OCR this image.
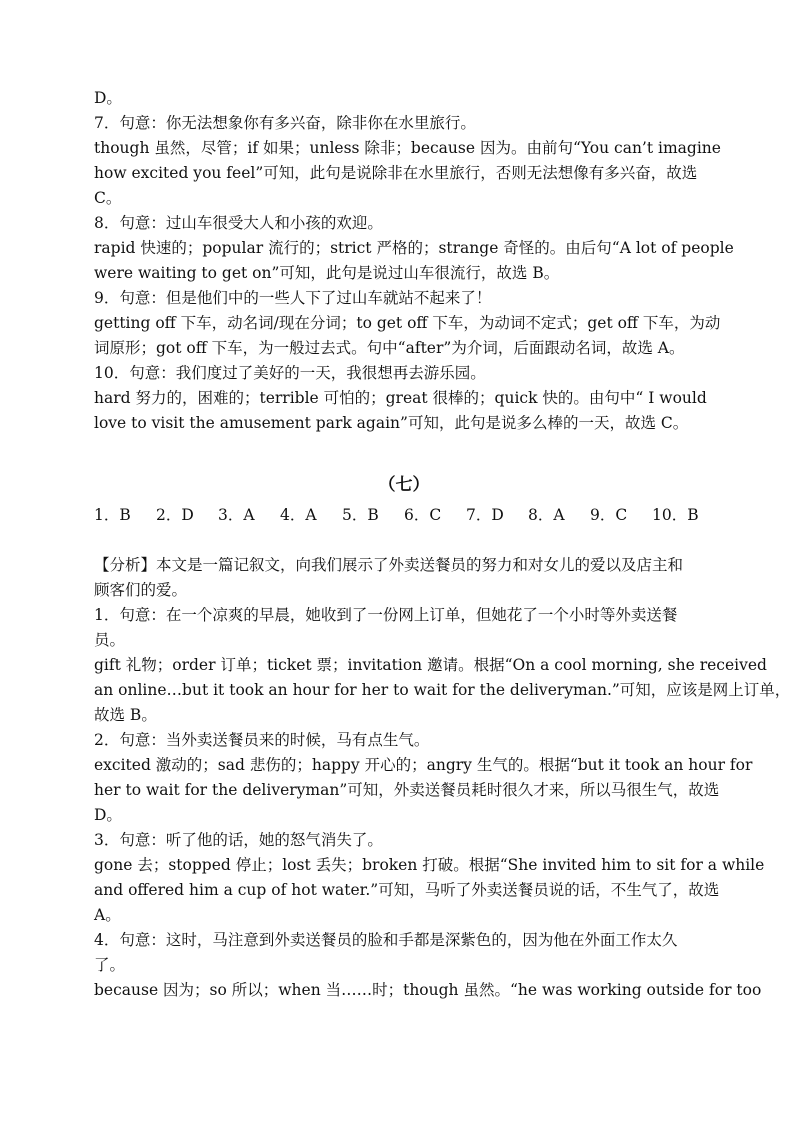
D。
7．句意：你无法想象你有多兴奋，除非你在水里旅行。
though 虽然，尽管；if 如果；unless 除非；because 因为。由前句“You can’t imagine
how excited you feel”可知，此句是说除非在水里旅行，否则无法想像有多兴奋，故选
C。
8．句意：过山车很受大人和小孩的欢迎。
rapid 快速的；popular 流行的；strict 严格的；strange 奇怪的。由后句“A lot of people
were waiting to get on”可知，此句是说过山车很流行，故选 B。
9．句意：但是他们中的一些人下了过山车就站不起来了！
getting off 下车，动名词/现在分词；to get off 下车，为动词不定式；get off 下车，为动
词原形；got off 下车，为一般过去式。句中“after”为介词，后面跟动名词，故选 A。
10．句意：我们度过了美好的一天，我很想再去游乐园。
hard 努力的，困难的；terrible 可怕的；great 很棒的；quick 快的。由句中“ I would
love to visit the amusement park again”可知，此句是说多么棒的一天，故选 C。
（七）
1．B	2．D	3．A	4．A	5．B	6．C	7．D	8．A	9．C	10．B
【分析】本文是一篇记叙文，向我们展示了外卖送餐员的努力和对女儿的爱以及店主和
顾客们的爱。
1．句意：在一个凉爽的早晨，她收到了一份网上订单，但她花了一个小时等外卖送餐
员。
gift 礼物；order 订单；ticket 票；invitation 邀请。根据“On a cool morning, she received
an online…but it took an hour for her to wait for the deliveryman.”可知，应该是网上订单，
故选 B。
2．句意：当外卖送餐员来的时候，马有点生气。
excited 激动的；sad 悲伤的；happy 开心的；angry 生气的。根据“but it took an hour for
her to wait for the deliveryman”可知，外卖送餐员耗时很久才来，所以马很生气，故选
D。
3．句意：听了他的话，她的怒气消失了。
gone 去；stopped 停止；lost 丢失；broken 打破。根据“She invited him to sit for a while
and offered him a cup of hot water.”可知，马听了外卖送餐员说的话，不生气了，故选
A。
4．句意：这时，马注意到外卖送餐员的脸和手都是深紫色的，因为他在外面工作太久
了。
because 因为；so 所以；when 当……时；though 虽然。“he was working outside for too
